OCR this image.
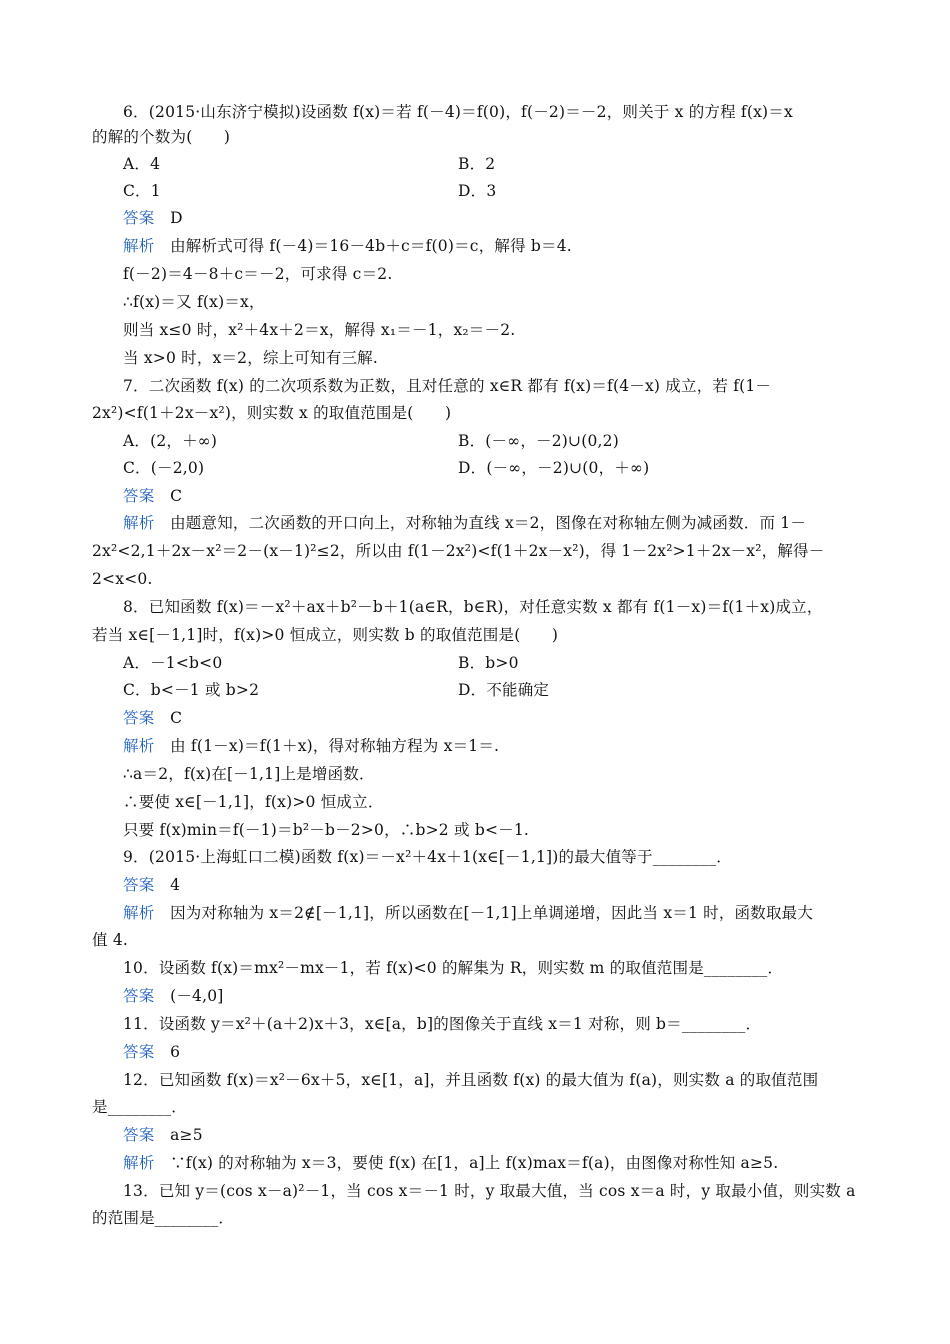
6．(2015·山东济宁模拟)设函数 f(x)＝若 f(－4)＝f(0)，f(－2)＝－2，则关于 x 的方程 f(x)＝x
的解的个数为(　　)
A．4	B．2
C．1	D．3
答案　 D
解析　 由解析式可得 f(－4)＝16－4b＋c＝f(0)＝c，解得 b＝4.
f(－2)＝4－8＋c＝－2，可求得 c＝2.
∴f(x)＝又 f(x)＝x，
则当 x≤0 时，x²＋4x＋2＝x，解得 x₁＝－1，x₂＝－2.
当 x>0 时，x＝2，综上可知有三解.
7．二次函数 f(x) 的二次项系数为正数，且对任意的 x∈R 都有 f(x)＝f(4－x) 成立，若 f(1－
2x²)<f(1＋2x－x²)，则实数 x 的取值范围是(　　)
A．(2，＋∞)	B．(－∞，－2)∪(0,2)
C．(－2,0)	D．(－∞，－2)∪(0，＋∞)
答案　 C
解析　 由题意知，二次函数的开口向上，对称轴为直线 x＝2，图像在对称轴左侧为减函数．而 1－
2x²<2,1＋2x－x²＝2－(x－1)²≤2，所以由 f(1－2x²)<f(1＋2x－x²)，得 1－2x²>1＋2x－x²，解得－
2<x<0.
8．已知函数 f(x)＝－x²＋ax＋b²－b＋1(a∈R，b∈R)，对任意实数 x 都有 f(1－x)＝f(1＋x)成立，
若当 x∈[－1,1]时，f(x)>0 恒成立，则实数 b 的取值范围是(　　)
A．－1<b<0	B．b>0
C．b<－1 或 b>2	D．不能确定
答案　 C
解析　 由 f(1－x)＝f(1＋x)，得对称轴方程为 x＝1＝.
∴a＝2，f(x)在[－1,1]上是增函数．
∴要使 x∈[－1,1]，f(x)>0 恒成立．
只要 f(x)min＝f(－1)＝b²－b－2>0，∴b>2 或 b<－1.
9．(2015·上海虹口二模)函数 f(x)＝－x²＋4x＋1(x∈[－1,1])的最大值等于________．
答案　 4
解析　 因为对称轴为 x＝2∉[－1,1]，所以函数在[－1,1]上单调递增，因此当 x＝1 时，函数取最大
值 4.
10．设函数 f(x)＝mx²－mx－1，若 f(x)<0 的解集为 R，则实数 m 的取值范围是________．
答案　 (－4,0]
11．设函数 y＝x²＋(a＋2)x＋3，x∈[a，b]的图像关于直线 x＝1 对称，则 b＝________．
答案　 6
12．已知函数 f(x)＝x²－6x＋5，x∈[1，a]，并且函数 f(x) 的最大值为 f(a)，则实数 a 的取值范围
是________．
答案　 a≥5
解析　 ∵f(x) 的对称轴为 x＝3，要使 f(x) 在[1，a]上 f(x)max＝f(a)，由图像对称性知 a≥5.
13．已知 y＝(cos x－a)²－1，当 cos x＝－1 时，y 取最大值，当 cos x＝a 时，y 取最小值，则实数 a
的范围是________．
